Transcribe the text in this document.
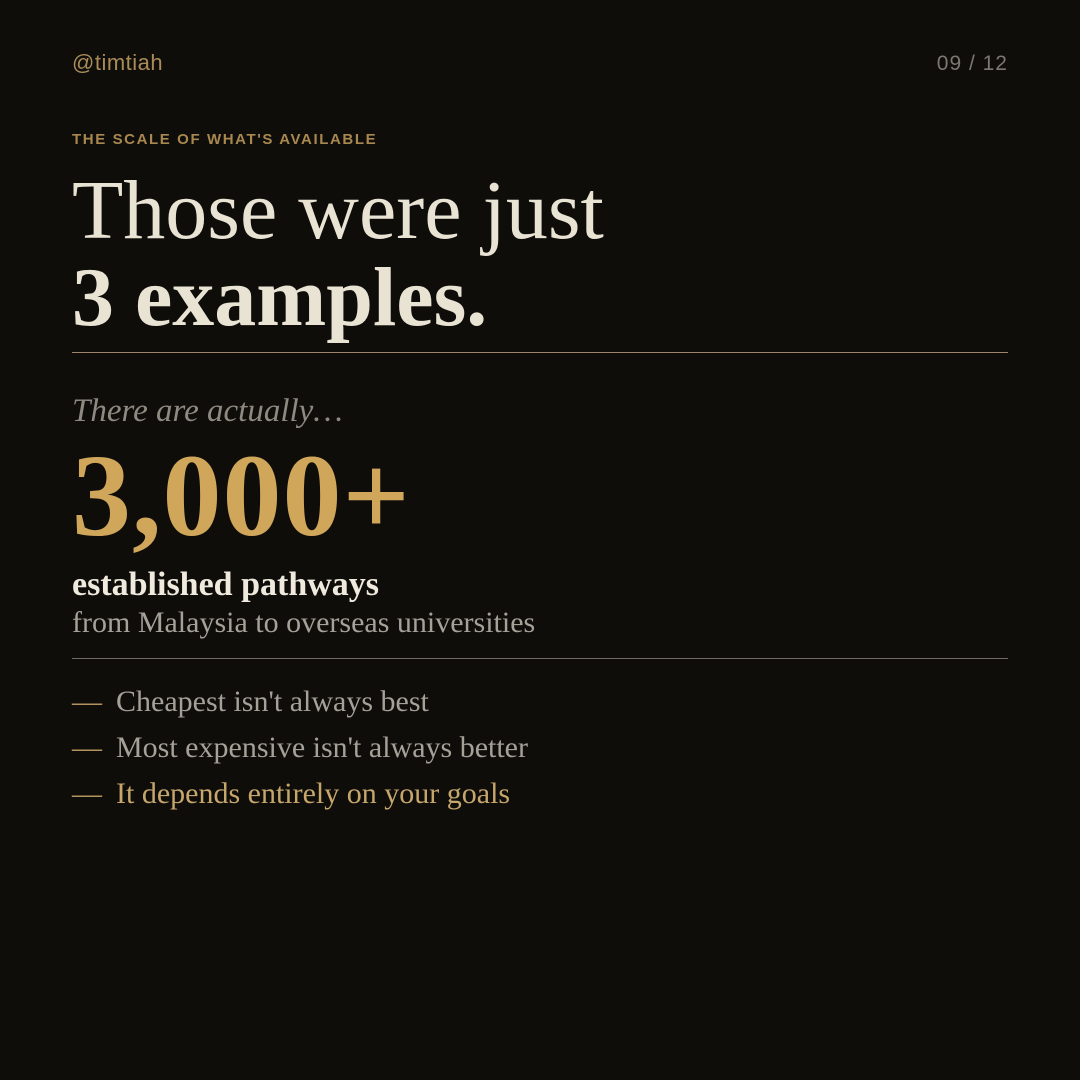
@timtiah	09 / 12
THE SCALE OF WHAT'S AVAILABLE
Those were just
3 examples.
There are actually…
3,000+
established pathways
from Malaysia to overseas universities
— Cheapest isn't always best
— Most expensive isn't always better
— It depends entirely on your goals
